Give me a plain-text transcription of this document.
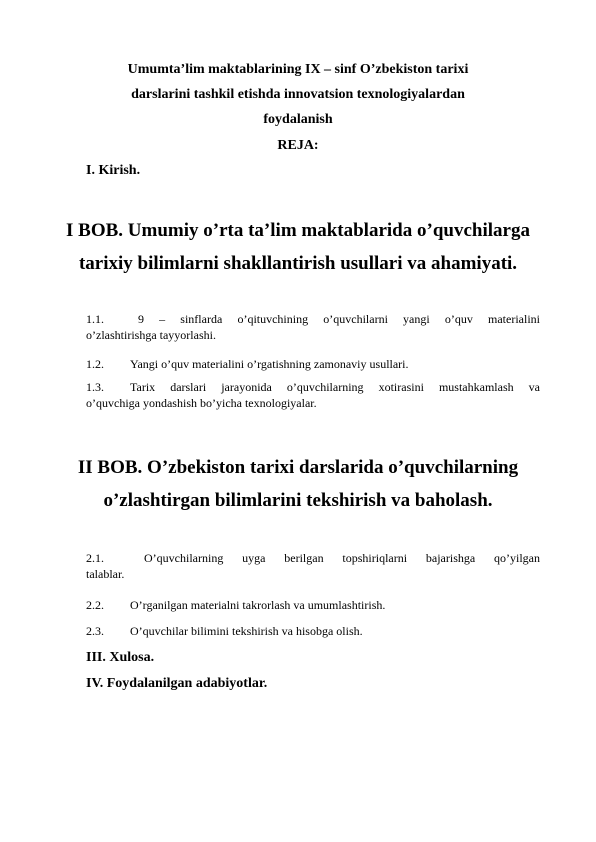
Umumta’lim maktablarining IX – sinf O’zbekiston tarixi
darslarini tashkil etishda innovatsion texnologiyalardan
foydalanish
REJA:
I. Kirish.
I BOB. Umumiy o’rta ta’lim maktablarida o’quvchilarga
tarixiy bilimlarni shakllantirish usullari va ahamiyati.
1.1.	9 – sinflarda o’qituvchining o’quvchilarni yangi o’quv materialini
o’zlashtirishga tayyorlashi.
1.2. Yangi o’quv materialini o’rgatishning zamonaviy usullari.
1.3.	Tarix darslari jarayonida o’quvchilarning xotirasini mustahkamlash va
o’quvchiga yondashish bo’yicha texnologiyalar.
II BOB. O’zbekiston tarixi darslarida o’quvchilarning
o’zlashtirgan bilimlarini tekshirish va baholash.
2.1.	O’quvchilarning uyga berilgan topshiriqlarni bajarishga qo’yilgan
talablar.
2.2. O’rganilgan materialni takrorlash va umumlashtirish.
2.3. O’quvchilar bilimini tekshirish va hisobga olish.
III. Xulosa.
IV. Foydalanilgan adabiyotlar.
